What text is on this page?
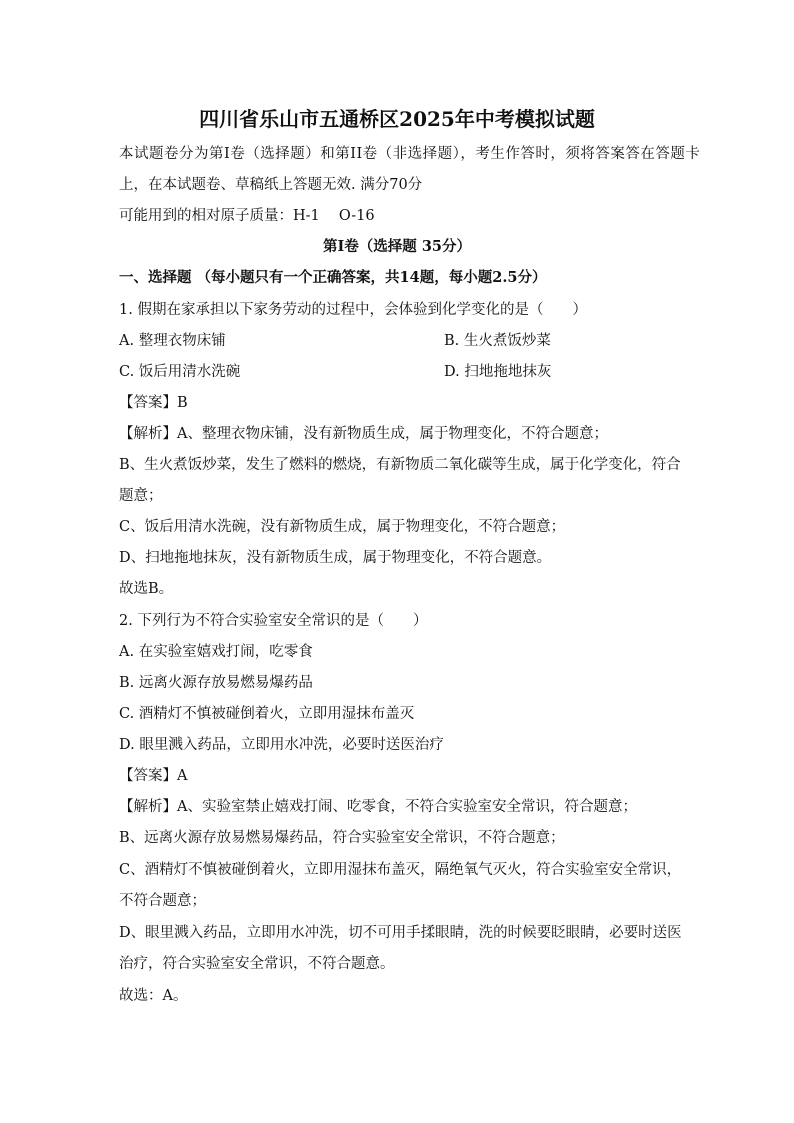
四川省乐山市五通桥区2025年中考模拟试题
本试题卷分为第I卷（选择题）和第II卷（非选择题），考生作答时，须将答案答在答题卡
上，在本试题卷、草稿纸上答题无效. 满分70分
可能用到的相对原子质量：H-1　 O-16
第I卷（选择题 35分）
一、选择题 （每小题只有一个正确答案，共14题，每小题2.5分）
1. 假期在家承担以下家务劳动的过程中，会体验到化学变化的是（　　）
A. 整理衣物床铺	B. 生火煮饭炒菜
C. 饭后用清水洗碗	D. 扫地拖地抹灰
【答案】B
【解析】A、整理衣物床铺，没有新物质生成，属于物理变化，不符合题意；
B、生火煮饭炒菜，发生了燃料的燃烧，有新物质二氧化碳等生成，属于化学变化，符合
题意；
C、饭后用清水洗碗，没有新物质生成，属于物理变化，不符合题意；
D、扫地拖地抹灰，没有新物质生成，属于物理变化，不符合题意。
故选B。
2. 下列行为不符合实验室安全常识的是（　　）
A. 在实验室嬉戏打闹，吃零食
B. 远离火源存放易燃易爆药品
C. 酒精灯不慎被碰倒着火，立即用湿抹布盖灭
D. 眼里溅入药品，立即用水冲洗，必要时送医治疗
【答案】A
【解析】A、实验室禁止嬉戏打闹、吃零食，不符合实验室安全常识，符合题意；
B、远离火源存放易燃易爆药品，符合实验室安全常识，不符合题意；
C、酒精灯不慎被碰倒着火，立即用湿抹布盖灭，隔绝氧气灭火，符合实验室安全常识，
不符合题意；
D、眼里溅入药品，立即用水冲洗，切不可用手揉眼睛，洗的时候要眨眼睛，必要时送医
治疗，符合实验室安全常识，不符合题意。
故选：A。
